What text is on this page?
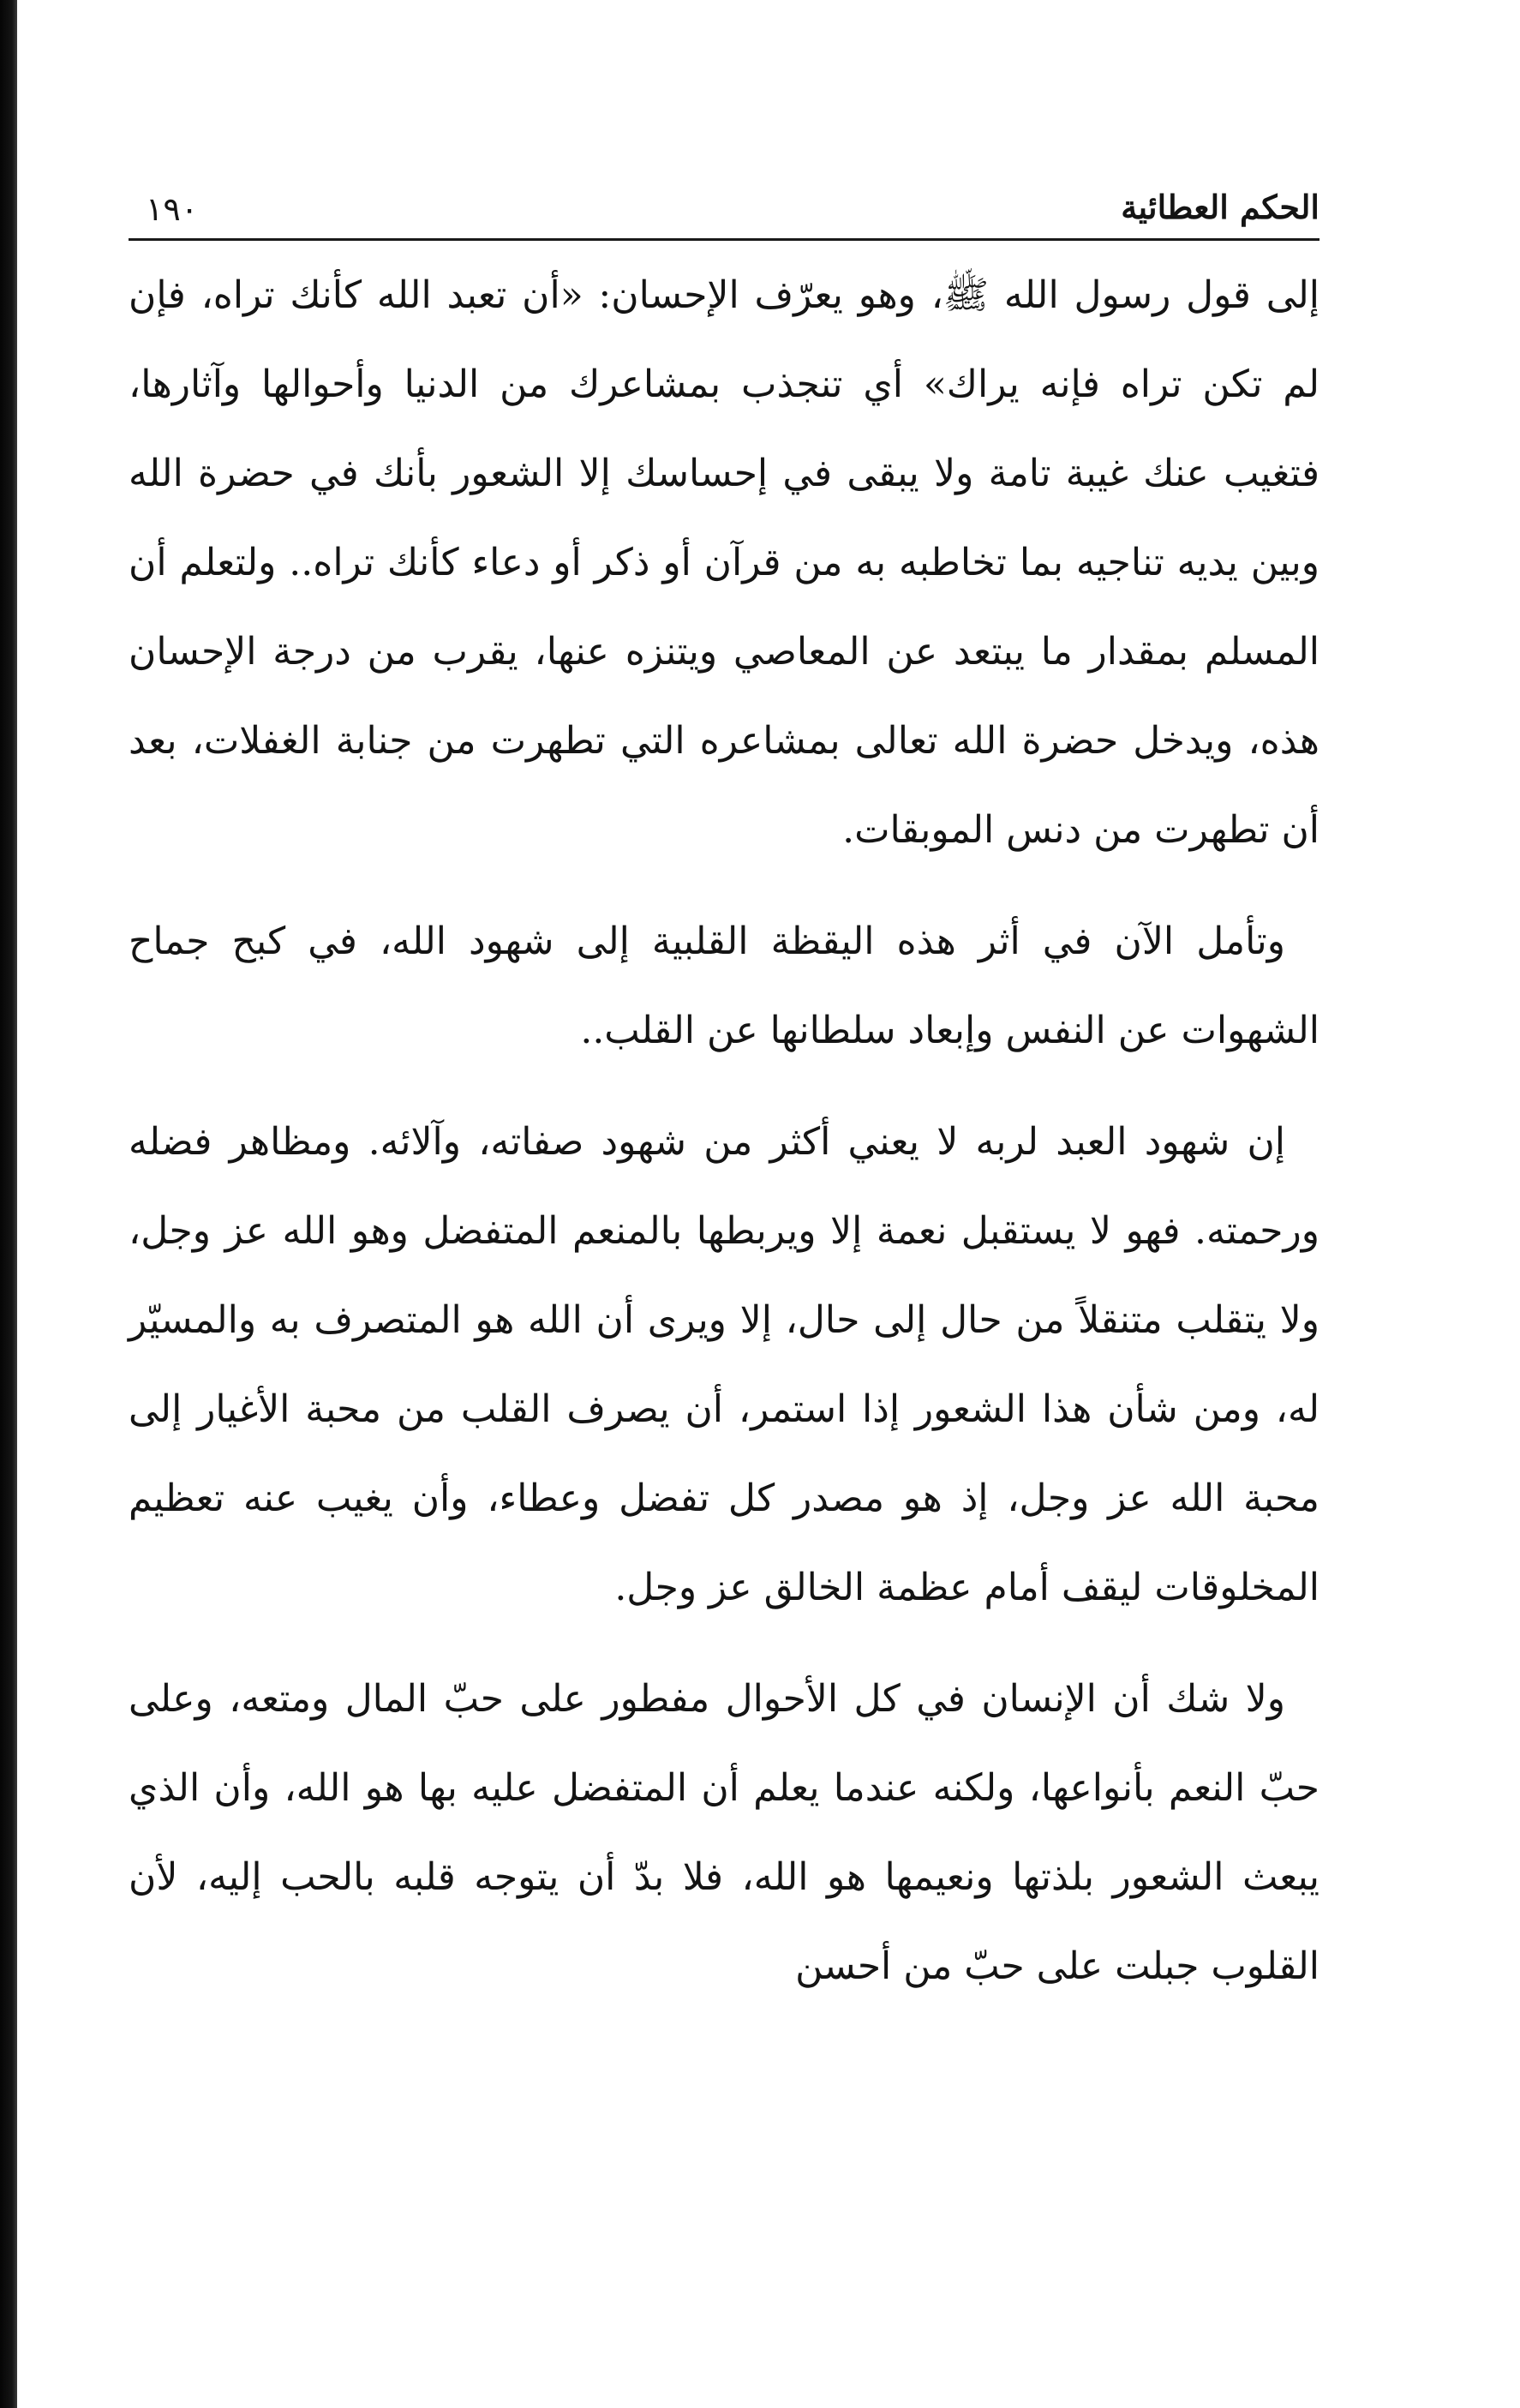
الحكم العطائية
١٩٠

إلى قول رسول الله ﷺ، وهو يعرّف الإحسان: «أن تعبد الله كأنك تراه، فإن لم تكن تراه فإنه يراك» أي تنجذب بمشاعرك من الدنيا وأحوالها وآثارها، فتغيب عنك غيبة تامة ولا يبقى في إحساسك إلا الشعور بأنك في حضرة الله وبين يديه تناجيه بما تخاطبه به من قرآن أو ذكر أو دعاء كأنك تراه.. ولتعلم أن المسلم بمقدار ما يبتعد عن المعاصي ويتنزه عنها، يقرب من درجة الإحسان هذه، ويدخل حضرة الله تعالى بمشاعره التي تطهرت من جنابة الغفلات، بعد أن تطهرت من دنس الموبقات.

وتأمل الآن في أثر هذه اليقظة القلبية إلى شهود الله، في كبح جماح الشهوات عن النفس وإبعاد سلطانها عن القلب..

إن شهود العبد لربه لا يعني أكثر من شهود صفاته، وآلائه. ومظاهر فضله ورحمته. فهو لا يستقبل نعمة إلا ويربطها بالمنعم المتفضل وهو الله عز وجل، ولا يتقلب متنقلاً من حال إلى حال، إلا ويرى أن الله هو المتصرف به والمسيّر له، ومن شأن هذا الشعور إذا استمر، أن يصرف القلب من محبة الأغيار إلى محبة الله عز وجل، إذ هو مصدر كل تفضل وعطاء، وأن يغيب عنه تعظيم المخلوقات ليقف أمام عظمة الخالق عز وجل.

ولا شك أن الإنسان في كل الأحوال مفطور على حبّ المال ومتعه، وعلى حبّ النعم بأنواعها، ولكنه عندما يعلم أن المتفضل عليه بها هو الله، وأن الذي يبعث الشعور بلذتها ونعيمها هو الله، فلا بدّ أن يتوجه قلبه بالحب إليه، لأن القلوب جبلت على حبّ من أحسن
